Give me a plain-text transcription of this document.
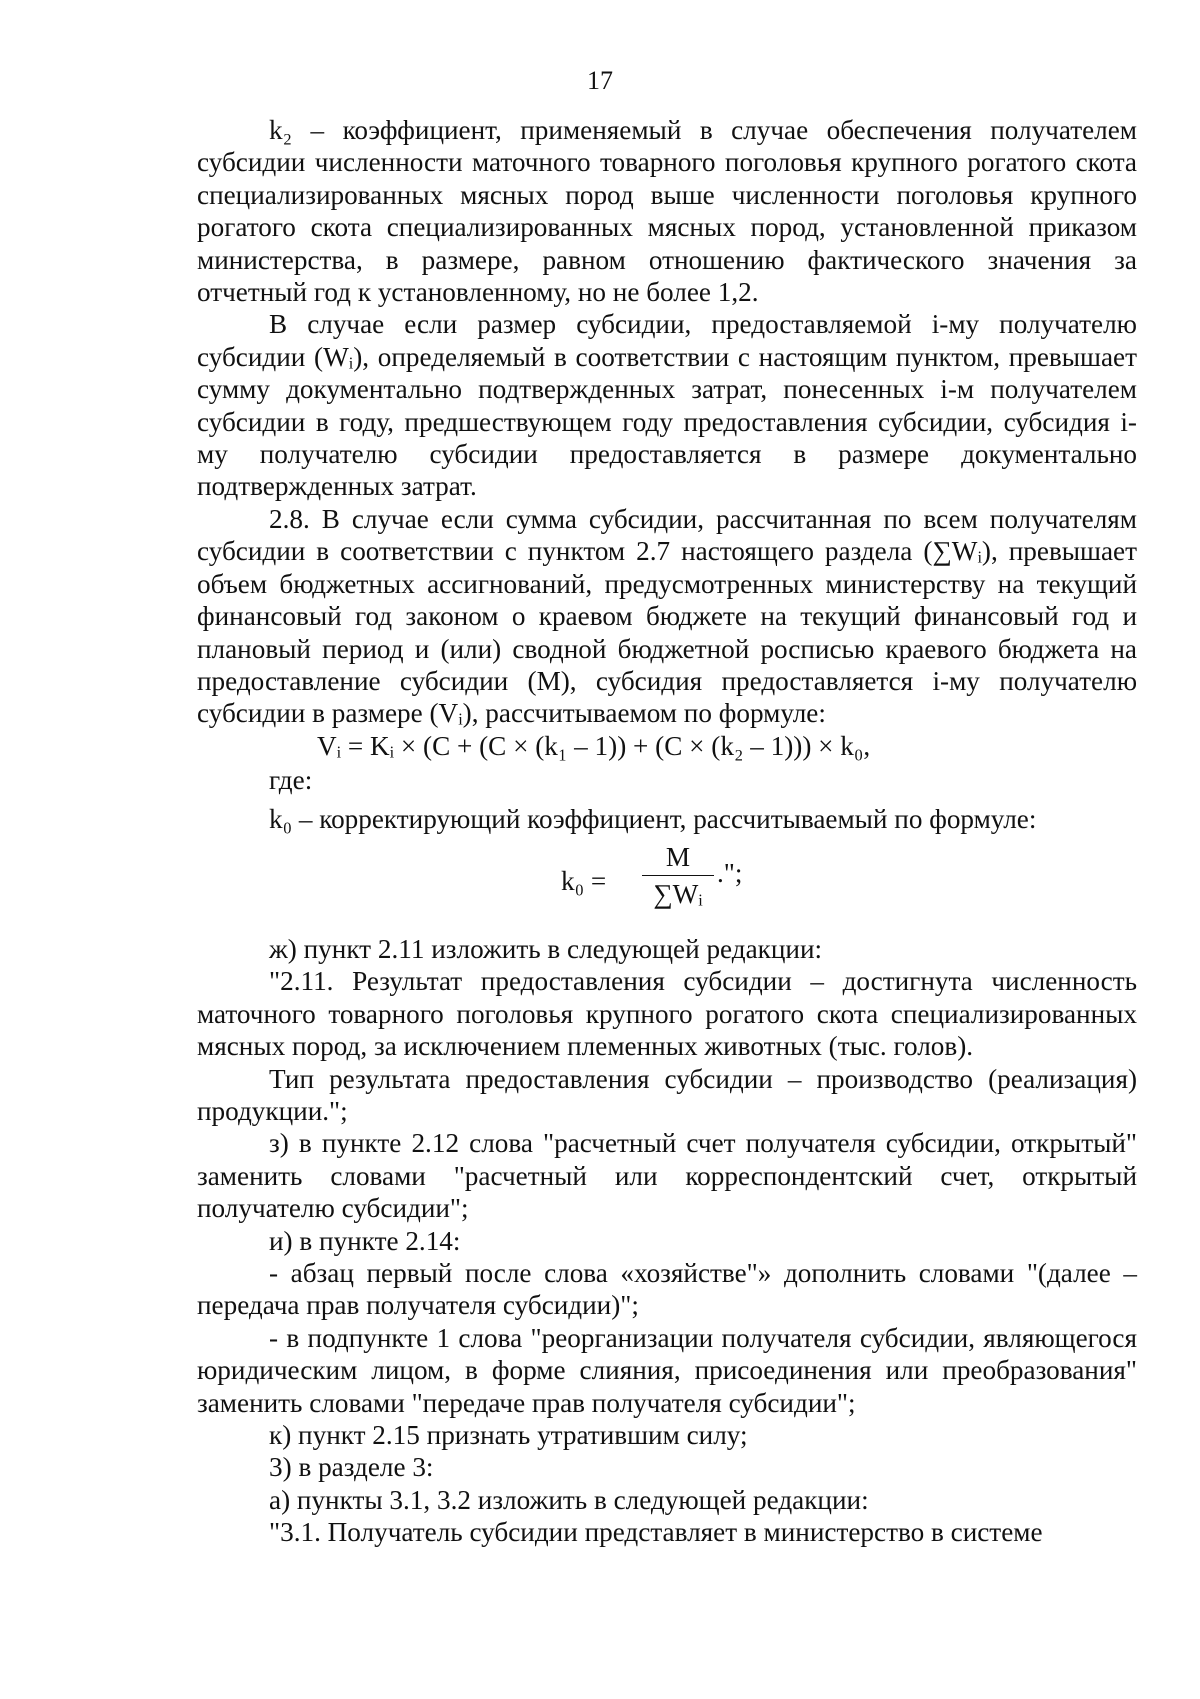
17

k₂ – коэффициент, применяемый в случае обеспечения получателем субсидии численности маточного товарного поголовья крупного рогатого скота специализированных мясных пород выше численности поголовья крупного рогатого скота специализированных мясных пород, установленной приказом министерства, в размере, равном отношению фактического значения за отчетный год к установленному, но не более 1,2.

В случае если размер субсидии, предоставляемой i-му получателю субсидии (Wᵢ), определяемый в соответствии с настоящим пунктом, превышает сумму документально подтвержденных затрат, понесенных i-м получателем субсидии в году, предшествующем году предоставления субсидии, субсидия i-му получателю субсидии предоставляется в размере документально подтвержденных затрат.

2.8. В случае если сумма субсидии, рассчитанная по всем получателям субсидии в соответствии с пунктом 2.7 настоящего раздела (∑Wᵢ), превышает объем бюджетных ассигнований, предусмотренных министерству на текущий финансовый год законом о краевом бюджете на текущий финансовый год и плановый период и (или) сводной бюджетной росписью краевого бюджета на предоставление субсидии (М), субсидия предоставляется i-му получателю субсидии в размере (Vᵢ), рассчитываемом по формуле:

Vᵢ = Kᵢ × (C + (C × (k₁ – 1)) + (C × (k₂ – 1))) × k₀,

где:

k₀ – корректирующий коэффициент, рассчитываемый по формуле:

k₀ =
M
∑Wᵢ
.";

ж) пункт 2.11 изложить в следующей редакции:

"2.11. Результат предоставления субсидии – достигнута численность маточного товарного поголовья крупного рогатого скота специализированных мясных пород, за исключением племенных животных (тыс. голов).

Тип результата предоставления субсидии – производство (реализация) продукции.";

з) в пункте 2.12 слова "расчетный счет получателя субсидии, открытый" заменить словами "расчетный или корреспондентский счет, открытый получателю субсидии";

и) в пункте 2.14:

- абзац первый после слова «хозяйстве"» дополнить словами "(далее – передача прав получателя субсидии)";

- в подпункте 1 слова "реорганизации получателя субсидии, являющегося юридическим лицом, в форме слияния, присоединения или преобразования" заменить словами "передаче прав получателя субсидии";

к) пункт 2.15 признать утратившим силу;

3) в разделе 3:

а) пункты 3.1, 3.2 изложить в следующей редакции:

"3.1. Получатель субсидии представляет в министерство в системе
